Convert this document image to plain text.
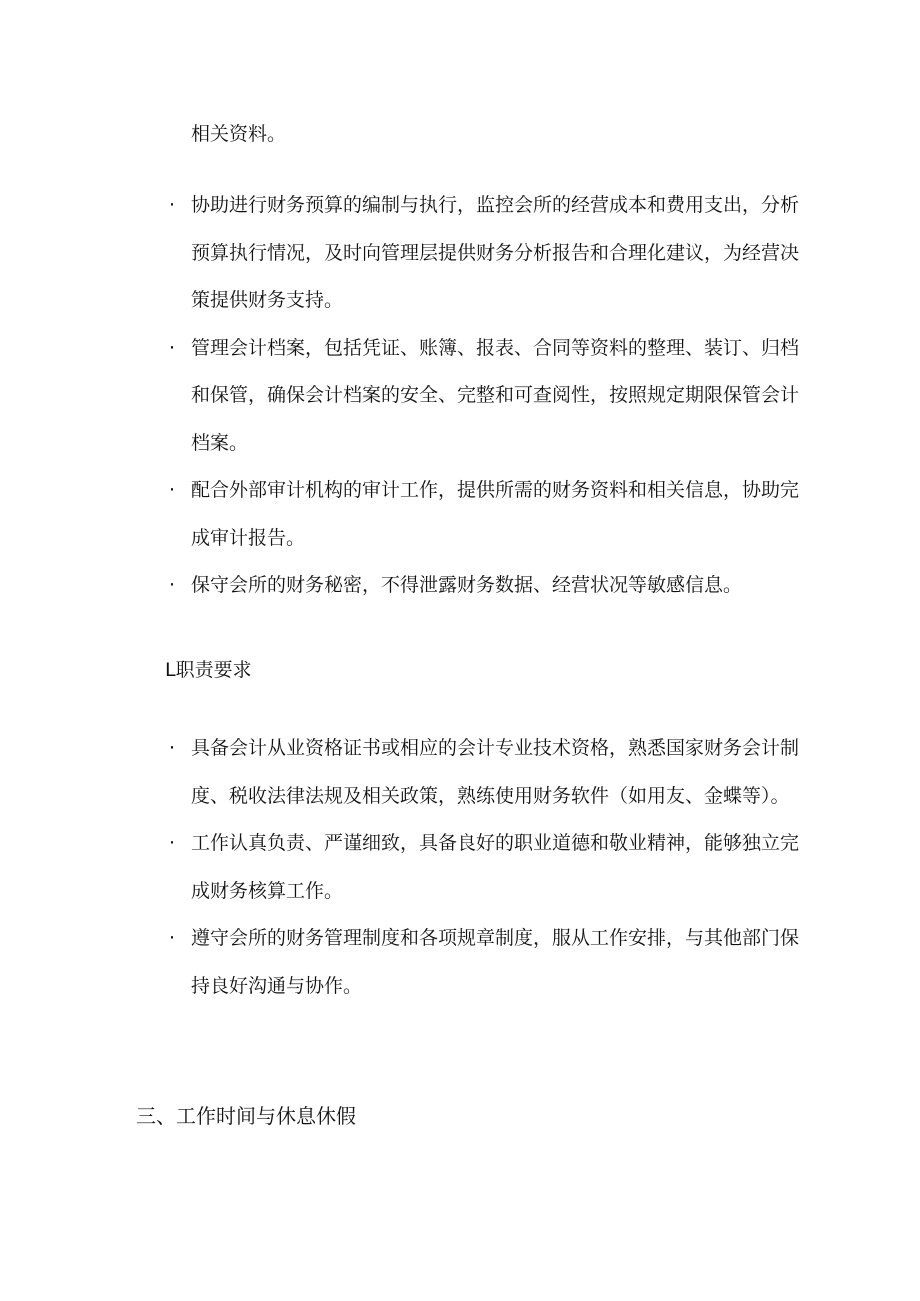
相关资料。
· 协助进行财务预算的编制与执行，监控会所的经营成本和费用支出，分析预算执行情况，及时向管理层提供财务分析报告和合理化建议，为经营决策提供财务支持。
· 管理会计档案，包括凭证、账簿、报表、合同等资料的整理、装订、归档和保管，确保会计档案的安全、完整和可查阅性，按照规定期限保管会计档案。
· 配合外部审计机构的审计工作，提供所需的财务资料和相关信息，协助完成审计报告。
· 保守会所的财务秘密，不得泄露财务数据、经营状况等敏感信息。
L职责要求
· 具备会计从业资格证书或相应的会计专业技术资格，熟悉国家财务会计制度、税收法律法规及相关政策，熟练使用财务软件（如用友、金蝶等）。
· 工作认真负责、严谨细致，具备良好的职业道德和敬业精神，能够独立完成财务核算工作。
· 遵守会所的财务管理制度和各项规章制度，服从工作安排，与其他部门保持良好沟通与协作。
三、工作时间与休息休假
